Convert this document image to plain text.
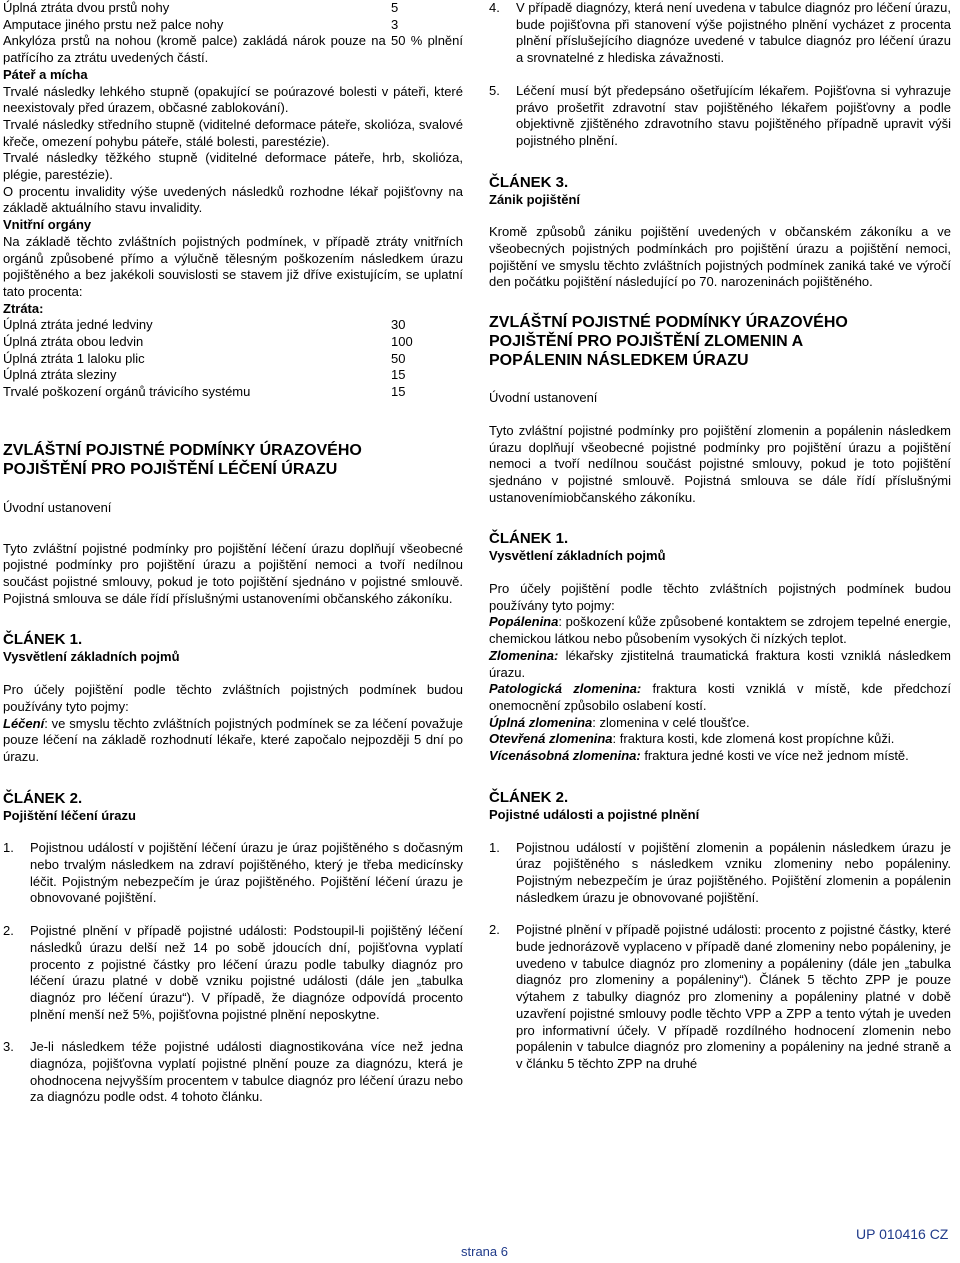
Úplná ztráta dvou prstů nohy	5
Amputace jiného prstu než palce nohy	3

Ankylóza prstů na nohou (kromě palce) zakládá nárok pouze na 50 % plnění patřícího za ztrátu uvedených částí.

Páteř a mícha

Trvalé následky lehkého stupně (opakující se poúrazové bolesti v páteři, které neexistovaly před úrazem, občasné zablokování).

Trvalé následky středního stupně (viditelné deformace páteře, skolióza, svalové křeče, omezení pohybu páteře, stálé bolesti, parestézie).

Trvalé následky těžkého stupně (viditelné deformace páteře, hrb, skolióza, plégie, parestézie).

O procentu invalidity výše uvedených následků rozhodne lékař pojišťovny na základě aktuálního stavu invalidity.

Vnitřní orgány

Na základě těchto zvláštních pojistných podmínek, v případě ztráty vnitřních orgánů způsobené přímo a výlučně tělesným poškozením následkem úrazu pojištěného a bez jakékoli souvislosti se stavem již dříve existujícím, se uplatní tato procenta:

Ztráta:

Úplná ztráta jedné ledviny	30
Úplná ztráta obou ledvin	100
Úplná ztráta 1 laloku plic	50
Úplná ztráta sleziny	15
Trvalé poškození orgánů trávicího systému	15
ZVLÁŠTNÍ POJISTNÉ PODMÍNKY ÚRAZOVÉHO
POJIŠTĚNÍ PRO POJIŠTĚNÍ LÉČENÍ ÚRAZU

Úvodní ustanovení

Tyto zvláštní pojistné podmínky pro pojištění léčení úrazu doplňují všeobecné pojistné podmínky pro pojištění úrazu a pojištění nemoci a tvoří nedílnou součást pojistné smlouvy, pokud je toto pojištění sjednáno v pojistné smlouvě. Pojistná smlouva se dále řídí příslušnými ustanoveními občanského zákoníku.

ČLÁNEK 1.

Vysvětlení základních pojmů

Pro účely pojištění podle těchto zvláštních pojistných podmínek budou používány tyto pojmy:

Léčení: ve smyslu těchto zvláštních pojistných podmínek se za léčení považuje pouze léčení na základě rozhodnutí lékaře, které započalo nejpozději 5 dní po úrazu.

ČLÁNEK 2.

Pojištění léčení úrazu

1.	Pojistnou událostí v pojištění léčení úrazu je úraz pojištěného s dočasným nebo trvalým následkem na zdraví pojištěného, který je třeba medicínsky léčit. Pojistným nebezpečím je úraz pojištěného. Pojištění léčení úrazu je obnovované pojištění.
2.	Pojistné plnění v případě pojistné události: Podstoupil-li pojištěný léčení následků úrazu delší než 14 po sobě jdoucích dní, pojišťovna vyplatí procento z pojistné částky pro léčení úrazu podle tabulky diagnóz pro léčení úrazu platné v době vzniku pojistné události (dále jen „tabulka diagnóz pro léčení úrazu“). V případě, že diagnóze odpovídá procento plnění menší než 5%, pojišťovna pojistné plnění neposkytne.
3.	Je-li následkem téže pojistné události diagnostikována více než jedna diagnóza, pojišťovna vyplatí pojistné plnění pouze za diagnózu, která je ohodnocena nejvyšším procentem v tabulce diagnóz pro léčení úrazu nebo za diagnózu podle odst. 4 tohoto článku.
4.	V případě diagnózy, která není uvedena v tabulce diagnóz pro léčení úrazu, bude pojišťovna při stanovení výše pojistného plnění vycházet z procenta plnění příslušejícího diagnóze uvedené v tabulce diagnóz pro léčení úrazu a srovnatelné z hlediska závažnosti.
5.	Léčení musí být předepsáno ošetřujícím lékařem. Pojišťovna si vyhrazuje právo prošetřit zdravotní stav pojištěného lékařem pojišťovny a podle objektivně zjištěného zdravotního stavu pojištěného případně upravit výši pojistného plnění.

ČLÁNEK 3.

Zánik pojištění

Kromě způsobů zániku pojištění uvedených v občanském zákoníku a ve všeobecných pojistných podmínkách pro pojištění úrazu a pojištění nemoci, pojištění ve smyslu těchto zvláštních pojistných podmínek zaniká také ve výročí den počátku pojištění následující po 70. narozeninách pojištěného.

ZVLÁŠTNÍ POJISTNÉ PODMÍNKY ÚRAZOVÉHO
POJIŠTĚNÍ PRO POJIŠTĚNÍ ZLOMENIN A
POPÁLENIN NÁSLEDKEM ÚRAZU

Úvodní ustanovení

Tyto zvláštní pojistné podmínky pro pojištění zlomenin a popálenin následkem úrazu doplňují všeobecné pojistné podmínky pro pojištění úrazu a pojištění nemoci a tvoří nedílnou součást pojistné smlouvy, pokud je toto pojištění sjednáno v pojistné smlouvě. Pojistná smlouva se dále řídí příslušnými ustanovenímiobčanského zákoníku.

ČLÁNEK 1.

Vysvětlení základních pojmů

Pro účely pojištění podle těchto zvláštních pojistných podmínek budou používány tyto pojmy:

Popálenina: poškození kůže způsobené kontaktem se zdrojem tepelné energie, chemickou látkou nebo působením vysokých či nízkých teplot.

Zlomenina: lékařsky zjistitelná traumatická fraktura kosti vzniklá následkem úrazu.

Patologická zlomenina: fraktura kosti vzniklá v místě, kde předchozí onemocnění způsobilo oslabení kostí.

Úplná zlomenina: zlomenina v celé tloušťce.

Otevřená zlomenina: fraktura kosti, kde zlomená kost propíchne kůži.

Vícenásobná zlomenina: fraktura jedné kosti ve více než jednom místě.

ČLÁNEK 2.

Pojistné události a pojistné plnění

1.	Pojistnou událostí v pojištění zlomenin a popálenin následkem úrazu je úraz pojištěného s následkem vzniku zlomeniny nebo popáleniny. Pojistným nebezpečím je úraz pojištěného. Pojištění zlomenin a popálenin následkem úrazu je obnovované pojištění.
2.	Pojistné plnění v případě pojistné události: procento z pojistné částky, které bude jednorázově vyplaceno v případě dané zlomeniny nebo popáleniny, je uvedeno v tabulce diagnóz pro zlomeniny a popáleniny (dále jen „tabulka diagnóz pro zlomeniny a popáleniny“). Článek 5 těchto ZPP je pouze výtahem z tabulky diagnóz pro zlomeniny a popáleniny platné v době uzavření pojistné smlouvy podle těchto VPP a ZPP a tento výtah je uveden pro informativní účely. V případě rozdílného hodnocení zlomenin nebo popálenin v tabulce diagnóz pro zlomeniny a popáleniny na jedné straně a v článku 5 těchto ZPP na druhé
strana 6
UP 010416 CZ
